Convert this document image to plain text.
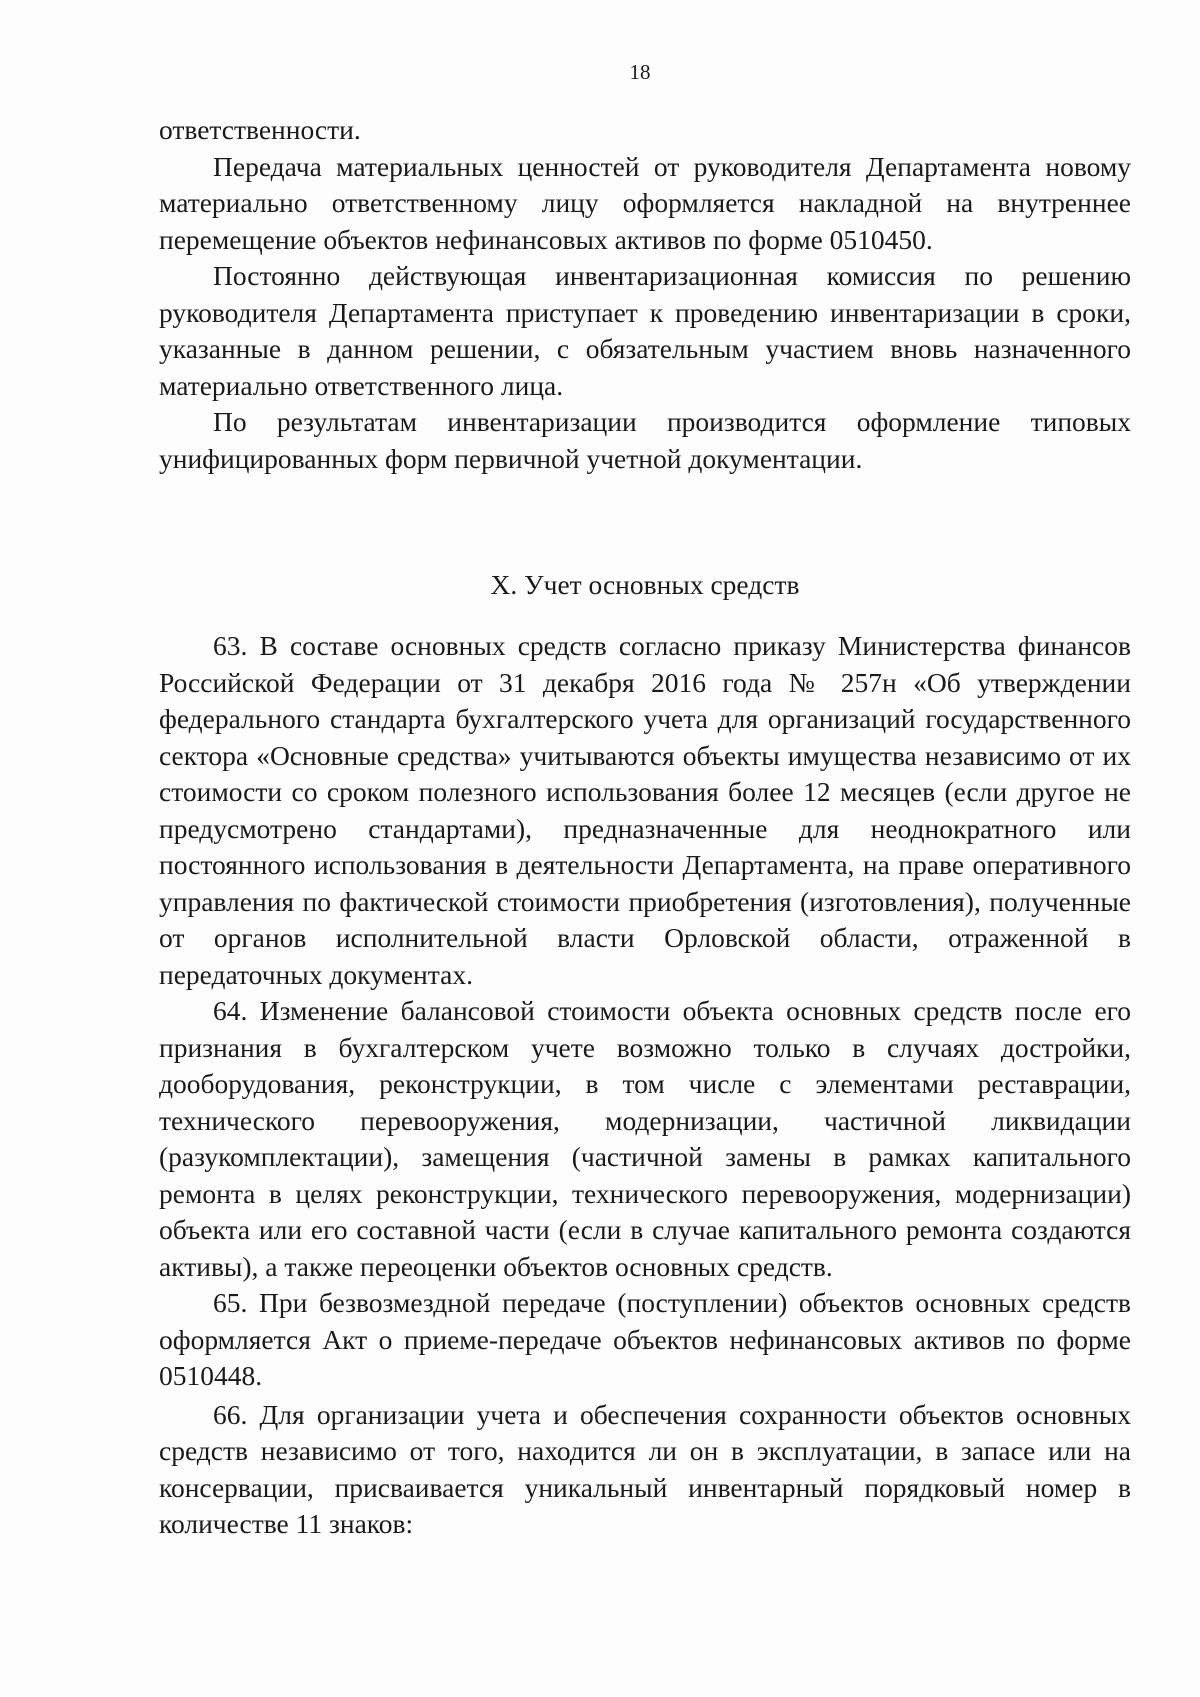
18

ответственности.

Передача материальных ценностей от руководителя Департамента новому материально ответственному лицу оформляется накладной на внутреннее перемещение объектов нефинансовых активов по форме 0510450.

Постоянно действующая инвентаризационная комиссия по решению руководителя Департамента приступает к проведению инвентаризации в сроки, указанные в данном решении, с обязательным участием вновь назначенного материально ответственного лица.

По результатам инвентаризации производится оформление типовых унифицированных форм первичной учетной документации.

X. Учет основных средств

63. В составе основных средств согласно приказу Министерства финансов Российской Федерации от 31 декабря 2016 года № 257н «Об утверждении федерального стандарта бухгалтерского учета для организаций государственного сектора «Основные средства» учитываются объекты имущества независимо от их стоимости со сроком полезного использования более 12 месяцев (если другое не предусмотрено стандартами), предназначенные для неоднократного или постоянного использования в деятельности Департамента, на праве оперативного управления по фактической стоимости приобретения (изготовления), полученные от органов исполнительной власти Орловской области, отраженной в передаточных документах.

64. Изменение балансовой стоимости объекта основных средств после его признания в бухгалтерском учете возможно только в случаях достройки, дооборудования, реконструкции, в том числе с элементами реставрации, технического перевооружения, модернизации, частичной ликвидации (разукомплектации), замещения (частичной замены в рамках капитального ремонта в целях реконструкции, технического перевооружения, модернизации) объекта или его составной части (если в случае капитального ремонта создаются активы), а также переоценки объектов основных средств.

65. При безвозмездной передаче (поступлении) объектов основных средств оформляется Акт о приеме-передаче объектов нефинансовых активов по форме 0510448.

66. Для организации учета и обеспечения сохранности объектов основных средств независимо от того, находится ли он в эксплуатации, в запасе или на консервации, присваивается уникальный инвентарный порядковый номер в количестве 11 знаков:
